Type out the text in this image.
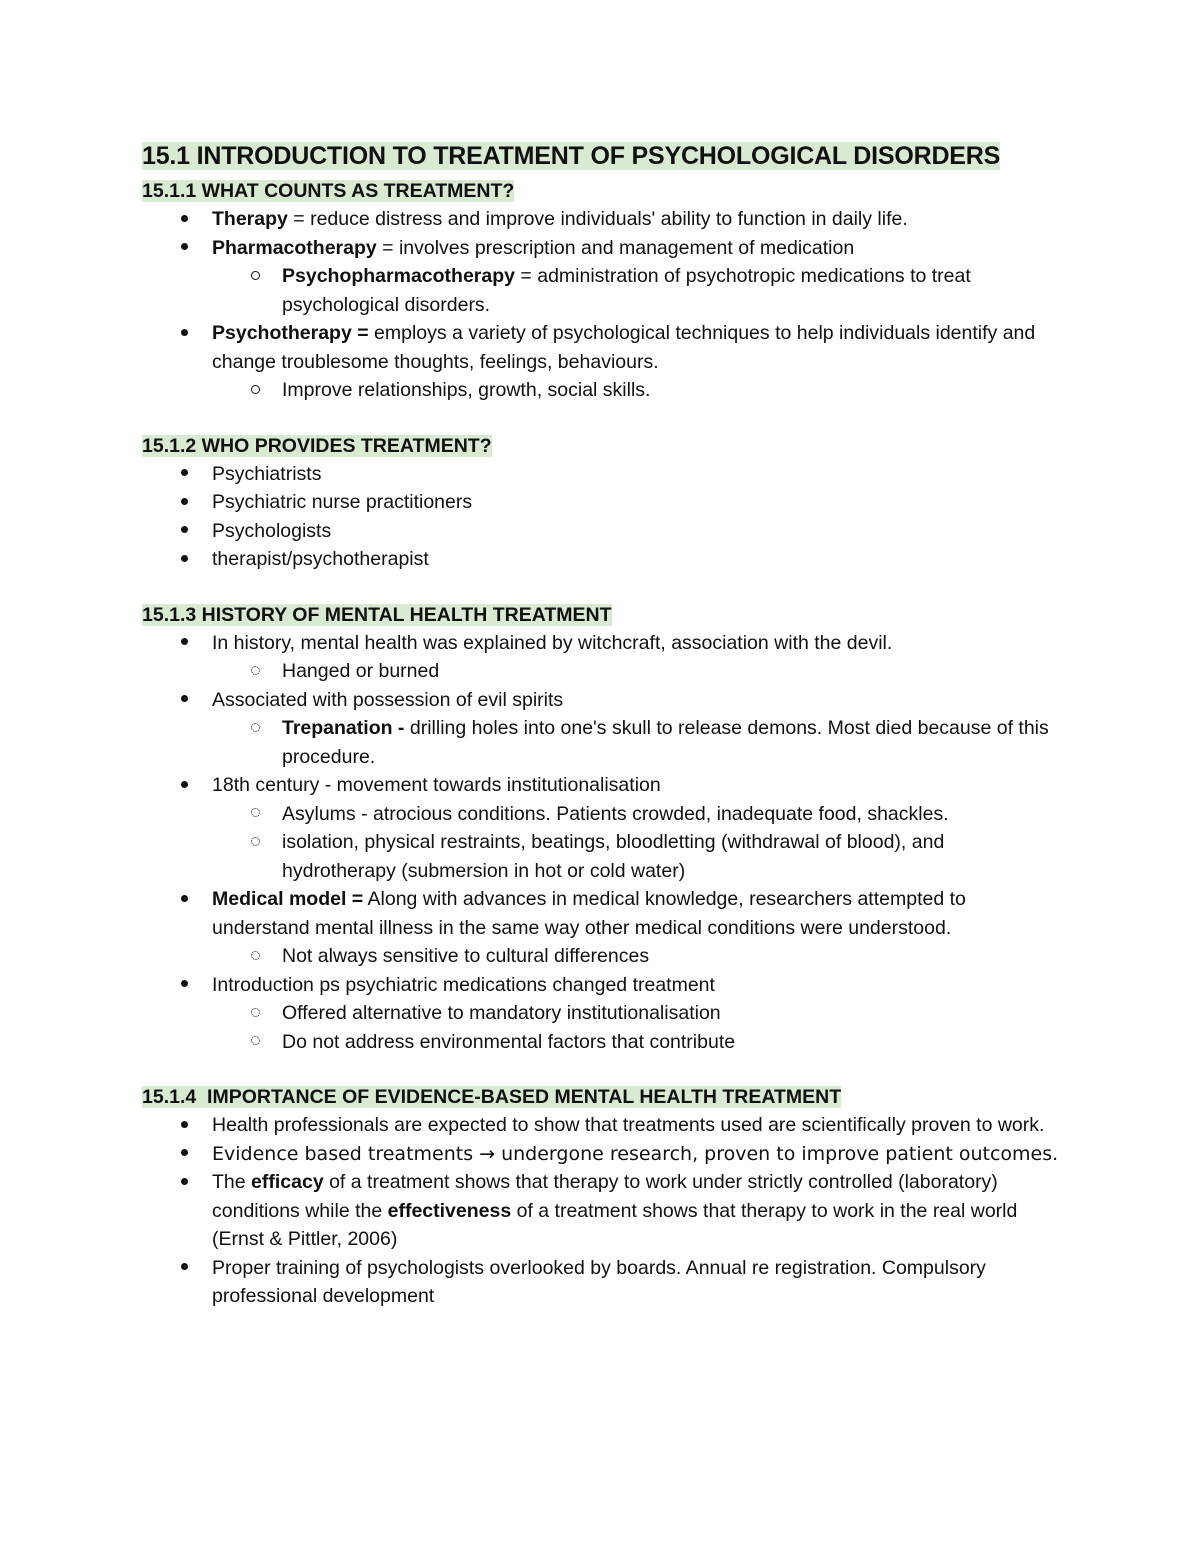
15.1 INTRODUCTION TO TREATMENT OF PSYCHOLOGICAL DISORDERS
15.1.1 WHAT COUNTS AS TREATMENT?
Therapy = reduce distress and improve individuals' ability to function in daily life.
Pharmacotherapy = involves prescription and management of medication
Psychopharmacotherapy = administration of psychotropic medications to treat psychological disorders.
Psychotherapy = employs a variety of psychological techniques to help individuals identify and change troublesome thoughts, feelings, behaviours.
Improve relationships, growth, social skills.
15.1.2 WHO PROVIDES TREATMENT?
Psychiatrists
Psychiatric nurse practitioners
Psychologists
therapist/psychotherapist
15.1.3 HISTORY OF MENTAL HEALTH TREATMENT
In history, mental health was explained by witchcraft, association with the devil.
Hanged or burned
Associated with possession of evil spirits
Trepanation - drilling holes into one's skull to release demons. Most died because of this procedure.
18th century - movement towards institutionalisation
Asylums - atrocious conditions. Patients crowded, inadequate food, shackles.
isolation, physical restraints, beatings, bloodletting (withdrawal of blood), and hydrotherapy (submersion in hot or cold water)
Medical model = Along with advances in medical knowledge, researchers attempted to understand mental illness in the same way other medical conditions were understood.
Not always sensitive to cultural differences
Introduction ps psychiatric medications changed treatment
Offered alternative to mandatory institutionalisation
Do not address environmental factors that contribute
15.1.4  IMPORTANCE OF EVIDENCE-BASED MENTAL HEALTH TREATMENT
Health professionals are expected to show that treatments used are scientifically proven to work.
Evidence based treatments → undergone research, proven to improve patient outcomes.
The efficacy of a treatment shows that therapy to work under strictly controlled (laboratory) conditions while the effectiveness of a treatment shows that therapy to work in the real world (Ernst & Pittler, 2006)
Proper training of psychologists overlooked by boards. Annual re registration. Compulsory professional development
